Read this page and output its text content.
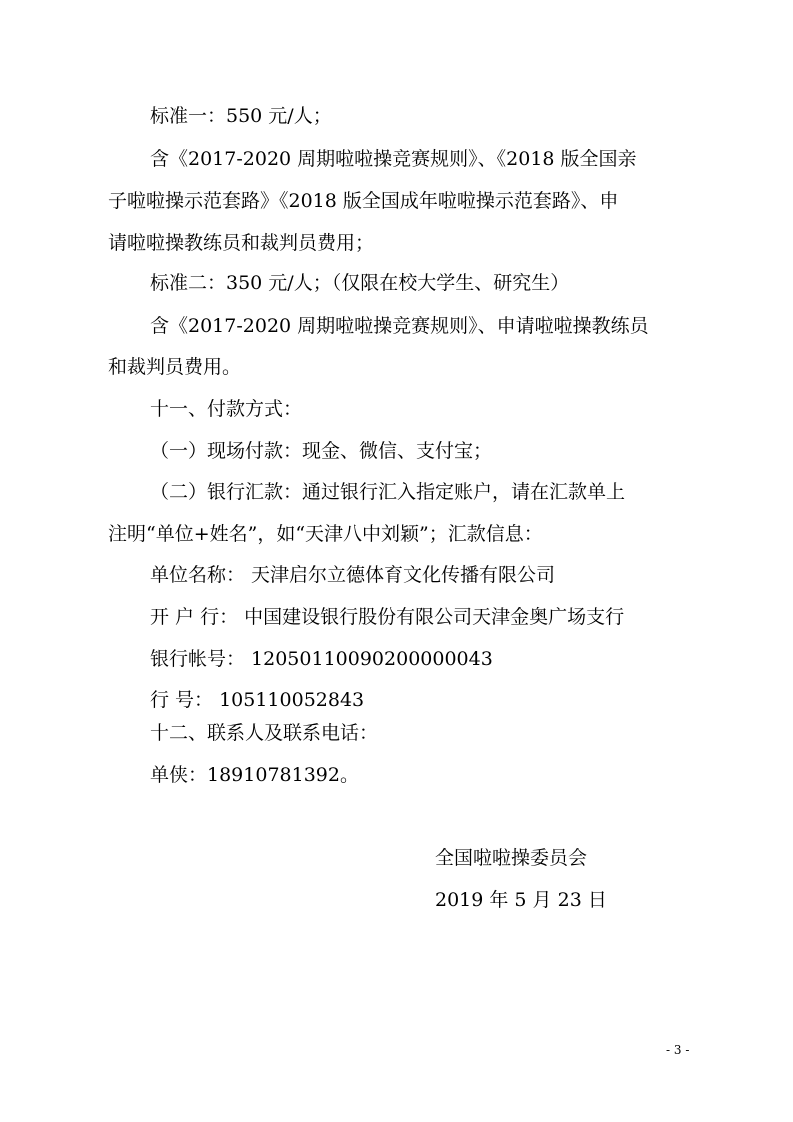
标准一：550 元/人；
含《2017-2020 周期啦啦操竞赛规则》、《2018 版全国亲
子啦啦操示范套路》《2018 版全国成年啦啦操示范套路》、申
请啦啦操教练员和裁判员费用；
标准二：350 元/人；（仅限在校大学生、研究生）
含《2017-2020 周期啦啦操竞赛规则》、申请啦啦操教练员
和裁判员费用。
十一、付款方式：
（一）现场付款：现金、微信、支付宝；
（二）银行汇款：通过银行汇入指定账户，请在汇款单上
注明“单位+姓名”，如“天津八中刘颖”；汇款信息：
单位名称： 天津启尔立德体育文化传播有限公司
开 户 行： 中国建设银行股份有限公司天津金奥广场支行
银行帐号： 12050110090200000043
行 号： 105110052843
十二、联系人及联系电话：
单侠：18910781392。
全国啦啦操委员会
2019 年 5 月 23 日
- 3 -
